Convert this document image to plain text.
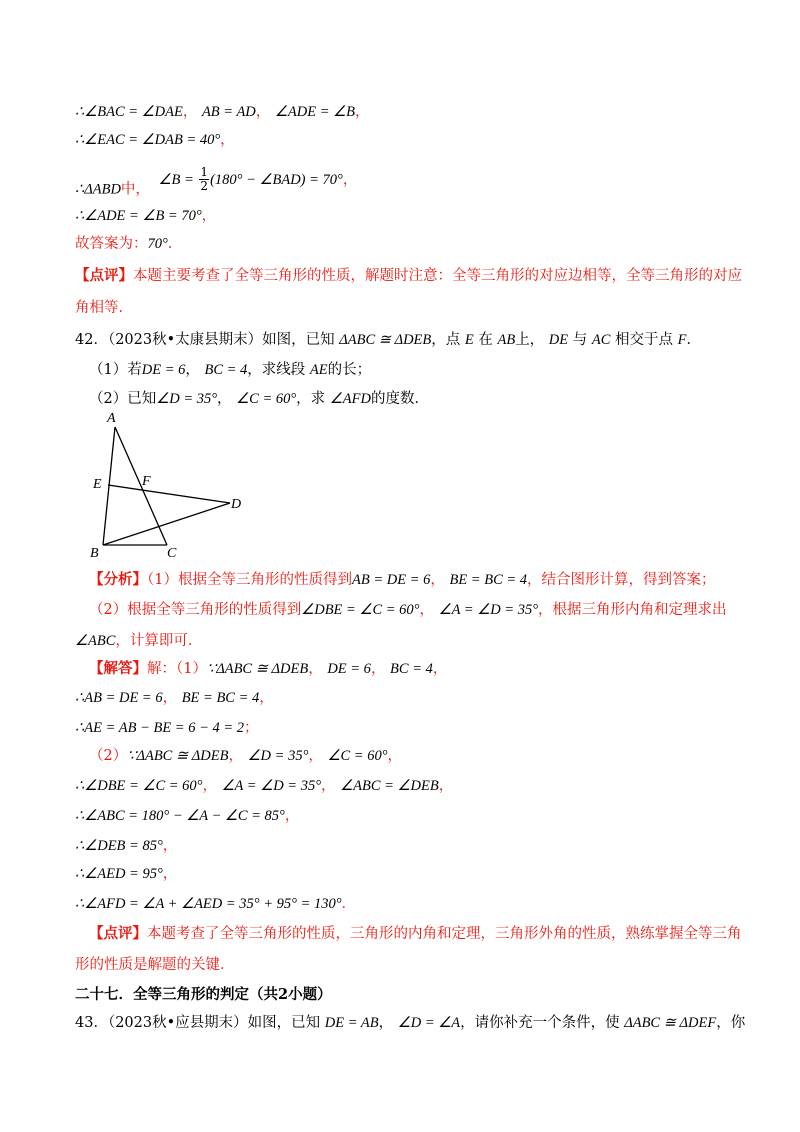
∴∠BAC = ∠DAE， AB = AD， ∠ADE = ∠B，
∴∠EAC = ∠DAB = 40°，
∴ΔABD中， ∠B = $\frac{1}{2} (180^\circ$ − ∠BAD) = 70°，
∴∠ADE = ∠B = 70°，
故答案为：70°．
【点评】本题主要考查了全等三角形的性质，解题时注意：全等三角形的对应边相等，全等三角形的对应
角相等．
42．（2023秋•太康县期末）如图，已知 ΔABC ≅ ΔDEB，点 E 在 AB上， DE 与 AC 相交于点 F．
（1）若DE = 6， BC = 4，求线段 AE的长；
（2）已知∠D = 35°， ∠C = 60°，求 ∠AFD的度数．
A
E	F
D
B	C
【分析】（1）根据全等三角形的性质得到AB = DE = 6， BE = BC = 4，结合图形计算，得到答案；
（2）根据全等三角形的性质得到∠DBE = ∠C = 60°， ∠A = ∠D = 35°，根据三角形内角和定理求出
∠ABC，计算即可．
【解答】解：（1）∵ΔABC ≅ ΔDEB， DE = 6， BC = 4，
∴AB = DE = 6， BE = BC = 4，
∴AE = AB − BE = 6 − 4 = 2；
（2）∵ΔABC ≅ ΔDEB， ∠D = 35°， ∠C = 60°，
∴∠DBE = ∠C = 60°， ∠A = ∠D = 35°， ∠ABC = ∠DEB，
∴∠ABC = 180° − ∠A − ∠C = 85°，
∴∠DEB = 85°，
∴∠AED = 95°，
∴∠AFD = ∠A + ∠AED = 35° + 95° = 130°．
【点评】本题考查了全等三角形的性质，三角形的内角和定理，三角形外角的性质，熟练掌握全等三角
形的性质是解题的关键．
二十七．全等三角形的判定（共2小题）
43．（2023秋•应县期末）如图，已知 DE = AB， ∠D = ∠A，请你补充一个条件，使 ΔABC ≅ ΔDEF，你
